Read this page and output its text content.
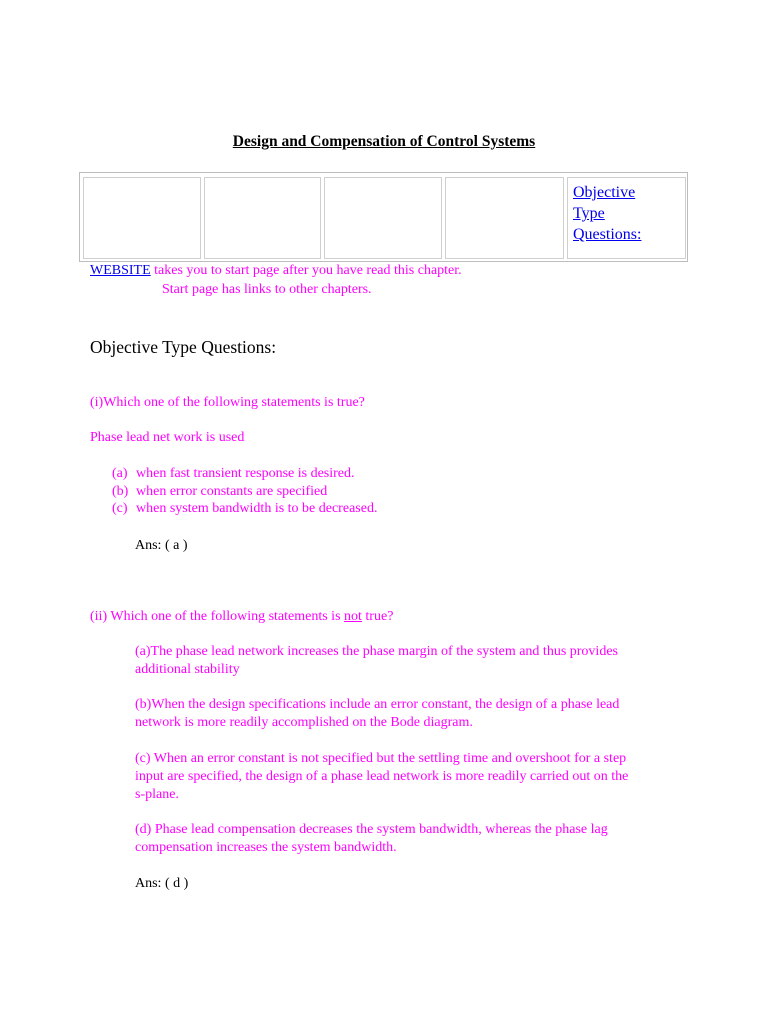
Design and Compensation of Control Systems
Objective
Type
Questions:
WEBSITE takes you to start page after you have read this chapter.
Start page has links to other chapters.
Objective Type Questions:
(i)Which one of the following statements is true?
Phase lead net work is used
(a) when fast transient response is desired.
(b) when error constants are specified
(c) when system bandwidth is to be decreased.
Ans: ( a )
(ii) Which one of the following statements is not true?
(a)The phase lead network increases the phase margin of the system and thus provides
additional stability
(b)When the design specifications include an error constant, the design of a phase lead
network is more readily accomplished on the Bode diagram.
(c) When an error constant is not specified but the settling time and overshoot for a step
input are specified, the design of a phase lead network is more readily carried out on the
s-plane.
(d) Phase lead compensation decreases the system bandwidth, whereas the phase lag
compensation increases the system bandwidth.
Ans: ( d )
